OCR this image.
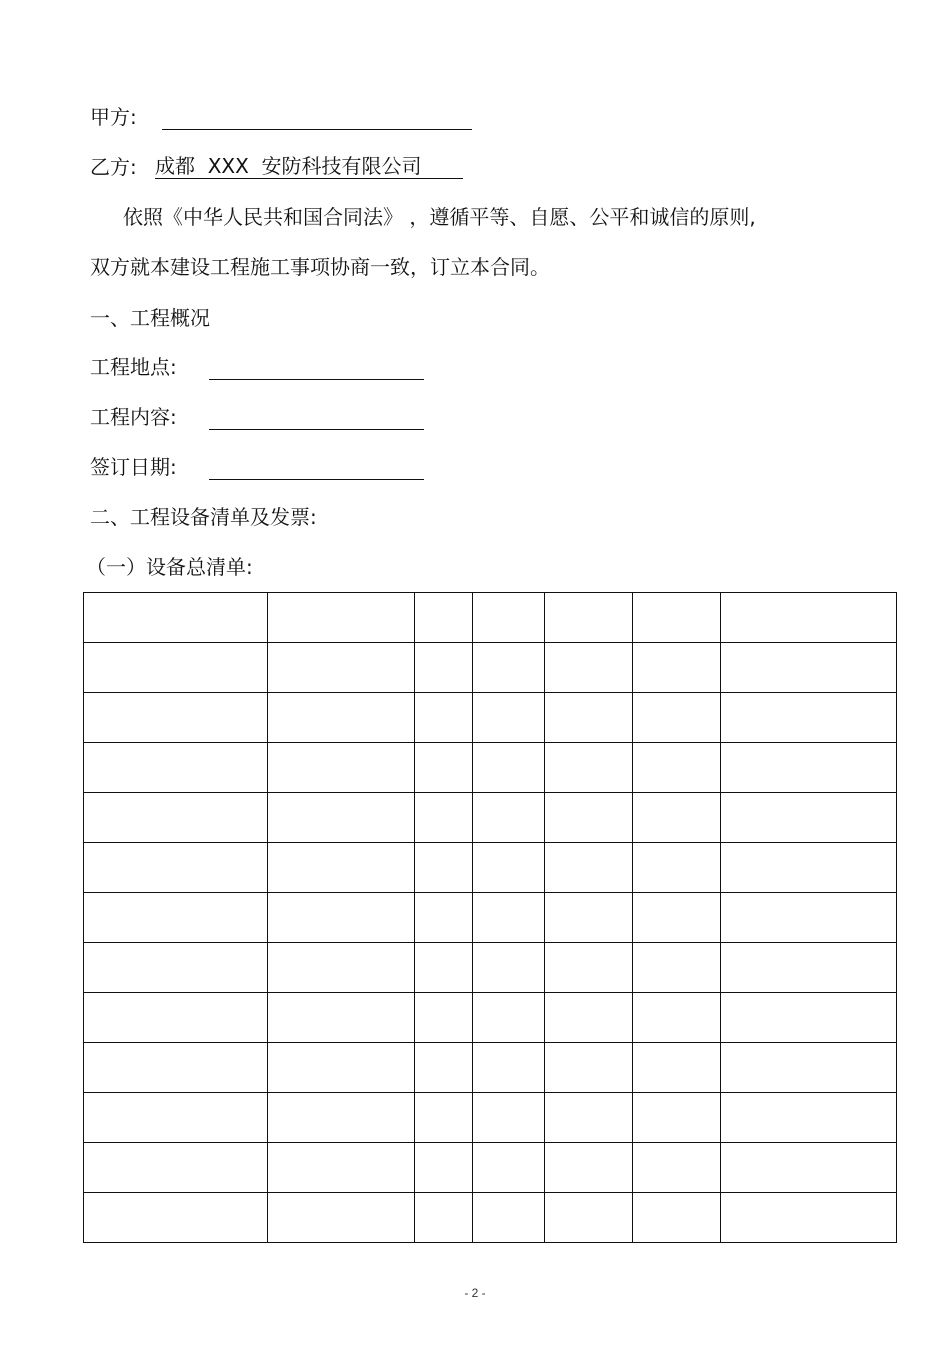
甲方:
乙方: 成都  XXX  安防科技有限公司
依照《中华人民共和国合同法》 ，遵循平等、自愿、公平和诚信的原则,
双方就本建设工程施工事项协商一致，订立本合同。
一、工程概况
工程地点:
工程内容:
签订日期:
二、工程设备清单及发票:
（一）设备总清单:

- 2 -
